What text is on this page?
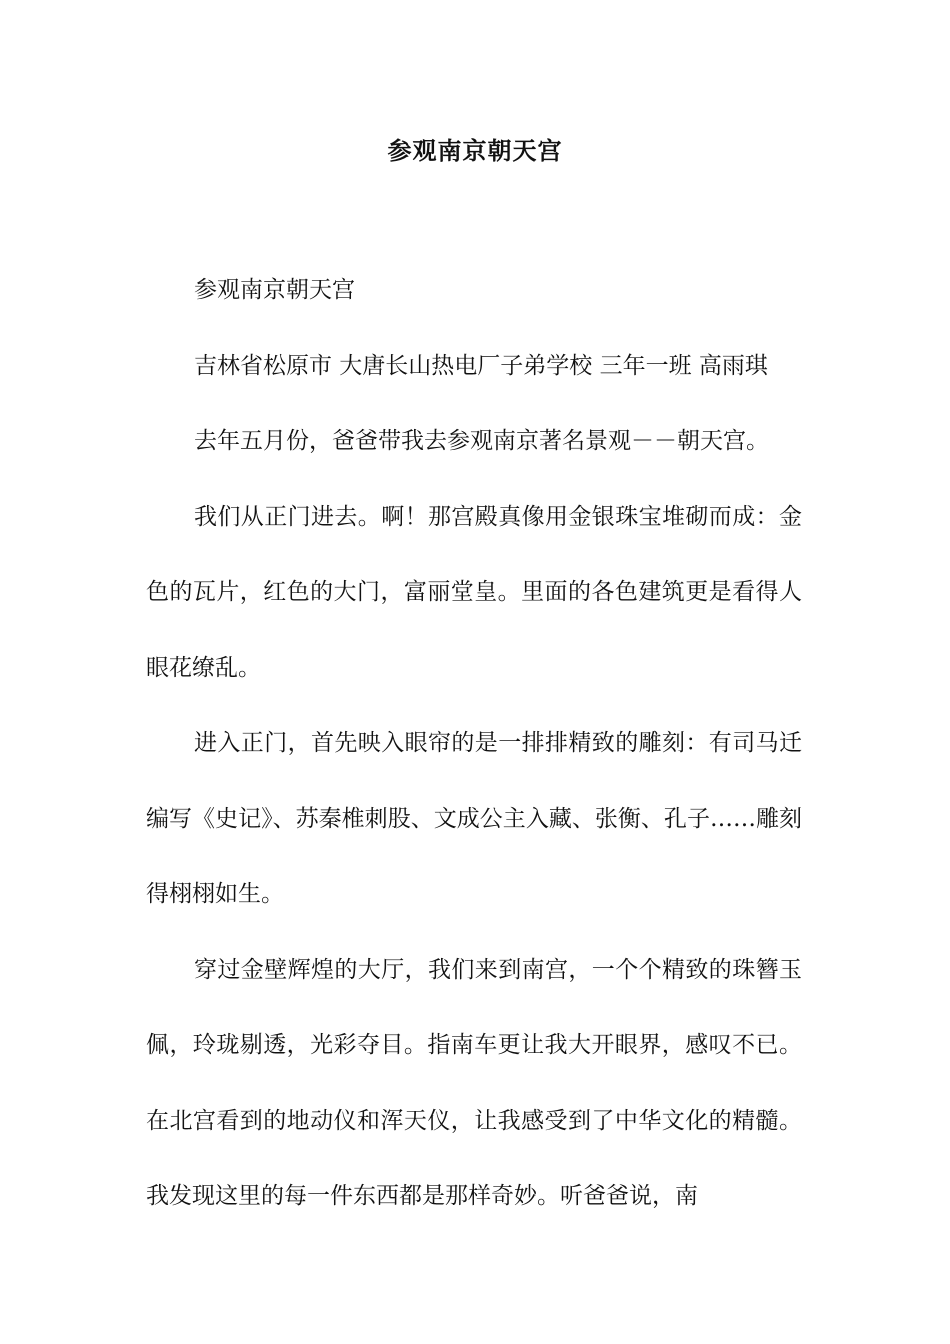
参观南京朝天宫

参观南京朝天宫

吉林省松原市 大唐长山热电厂子弟学校 三年一班 高雨琪

去年五月份，爸爸带我去参观南京著名景观－－朝天宫。

我们从正门进去。啊！那宫殿真像用金银珠宝堆砌而成：金色的瓦片，红色的大门，富丽堂皇。里面的各色建筑更是看得人眼花缭乱。

进入正门，首先映入眼帘的是一排排精致的雕刻：有司马迁编写《史记》、苏秦椎刺股、文成公主入藏、张衡、孔子……雕刻得栩栩如生。

穿过金壁辉煌的大厅，我们来到南宫，一个个精致的珠簪玉佩，玲珑剔透，光彩夺目。指南车更让我大开眼界，感叹不已。在北宫看到的地动仪和浑天仪，让我感受到了中华文化的精髓。我发现这里的每一件东西都是那样奇妙。听爸爸说，南
